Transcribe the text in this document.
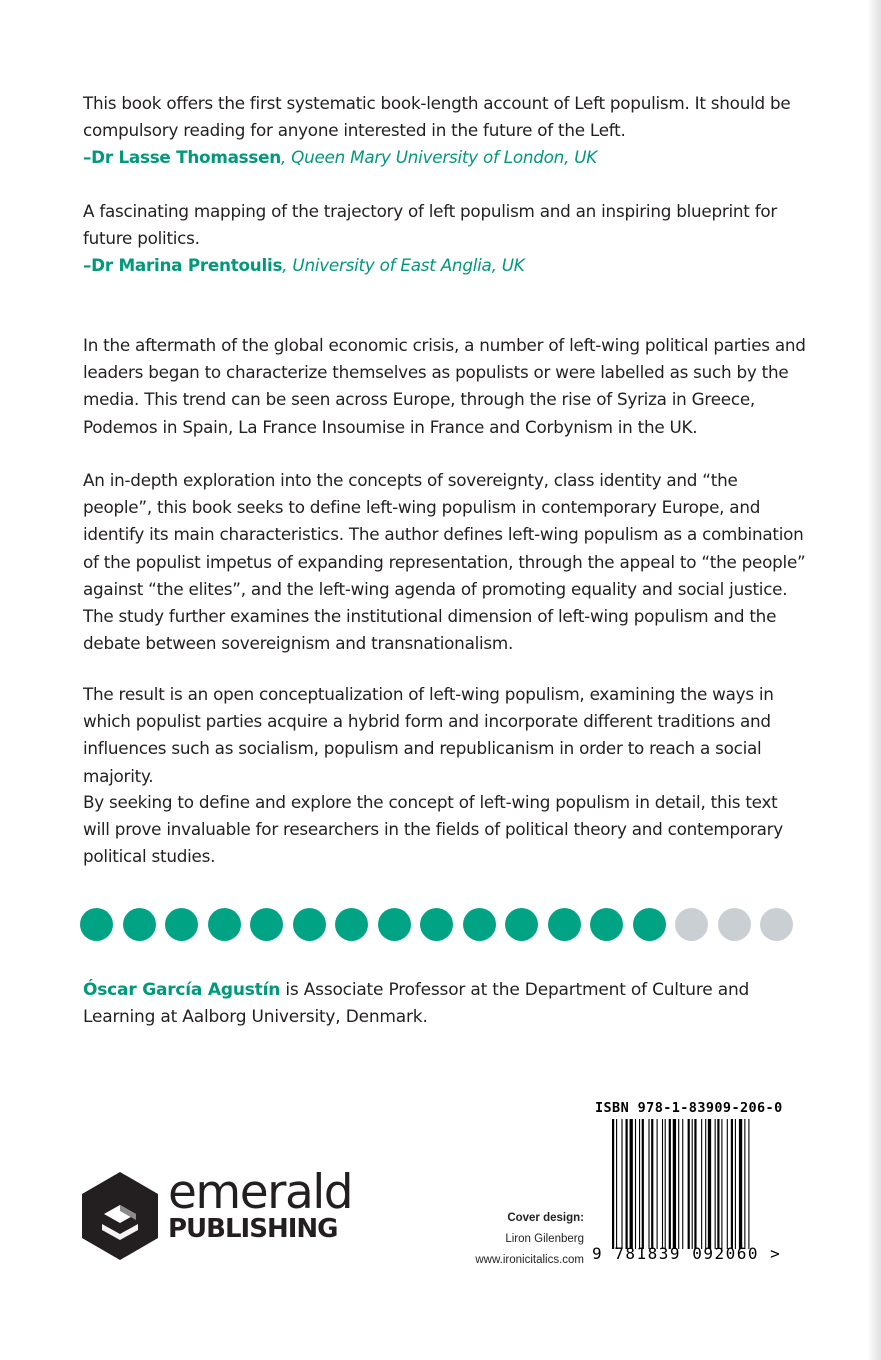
This book offers the first systematic book-length account of Left populism. It should be compulsory reading for anyone interested in the future of the Left.
–Dr Lasse Thomassen, Queen Mary University of London, UK

A fascinating mapping of the trajectory of left populism and an inspiring blueprint for future politics.
–Dr Marina Prentoulis, University of East Anglia, UK

In the aftermath of the global economic crisis, a number of left-wing political parties and leaders began to characterize themselves as populists or were labelled as such by the media. This trend can be seen across Europe, through the rise of Syriza in Greece, Podemos in Spain, La France Insoumise in France and Corbynism in the UK.

An in-depth exploration into the concepts of sovereignty, class identity and “the people”, this book seeks to define left-wing populism in contemporary Europe, and identify its main characteristics. The author defines left-wing populism as a combination of the populist impetus of expanding representation, through the appeal to “the people” against “the elites”, and the left-wing agenda of promoting equality and social justice. The study further examines the institutional dimension of left-wing populism and the debate between sovereignism and transnationalism.

The result is an open conceptualization of left-wing populism, examining the ways in which populist parties acquire a hybrid form and incorporate different traditions and influences such as socialism, populism and republicanism in order to reach a social majority.

By seeking to define and explore the concept of left-wing populism in detail, this text will prove invaluable for researchers in the fields of political theory and contemporary political studies.

Óscar García Agustín is Associate Professor at the Department of Culture and Learning at Aalborg University, Denmark.

emerald
PUBLISHING	Cover design:
Liron Gilenberg
www.ironicitalics.com
ISBN 978-1-83909-206-0
9 781839 092060 >
